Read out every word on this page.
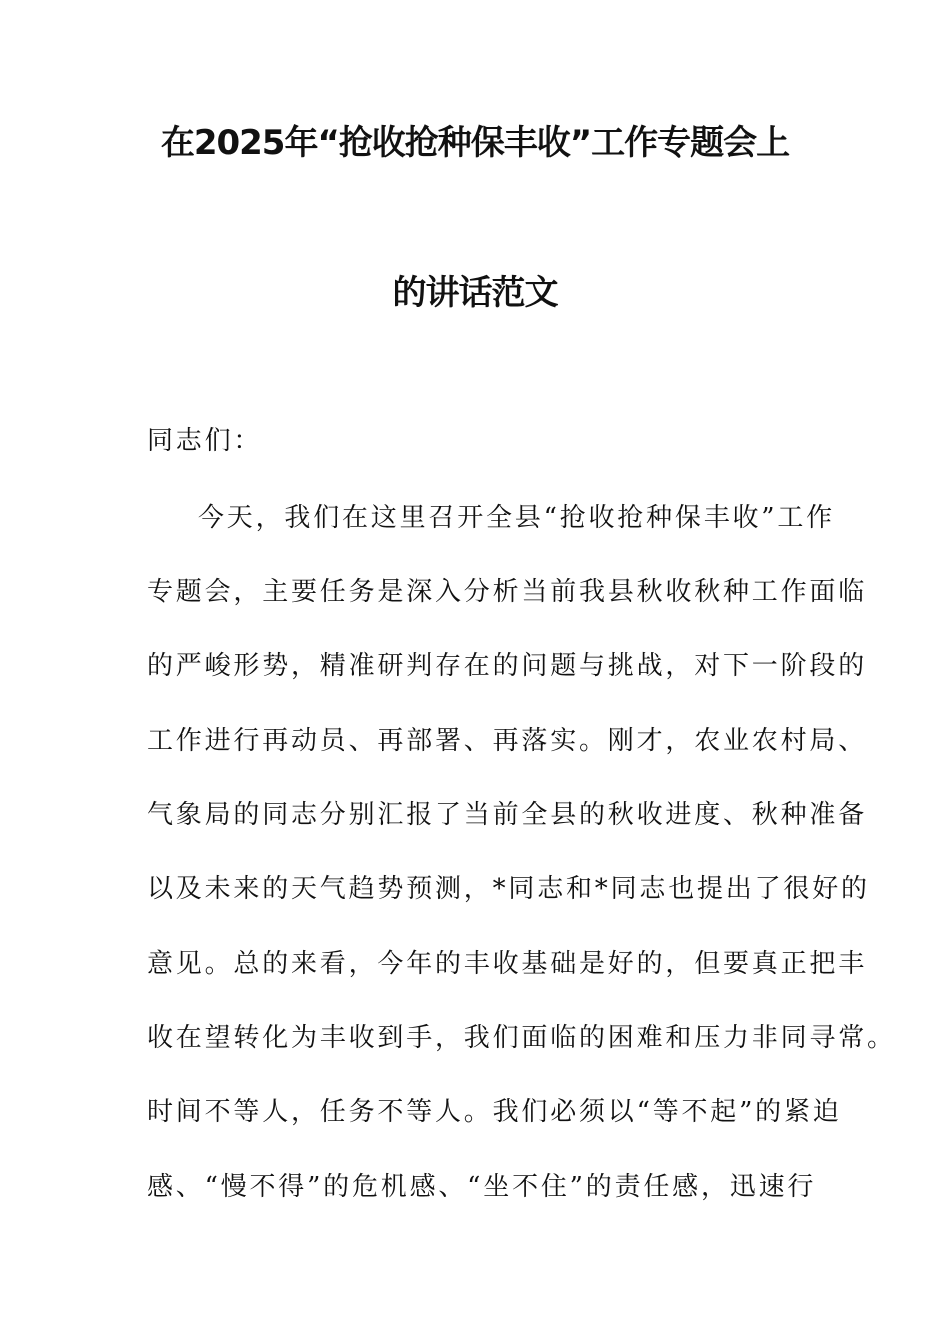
在2025年“抢收抢种保丰收”工作专题会上
的讲话范文
同志们：
今天，我们在这里召开全县“抢收抢种保丰收”工作
专题会，主要任务是深入分析当前我县秋收秋种工作面临
的严峻形势，精准研判存在的问题与挑战，对下一阶段的
工作进行再动员、再部署、再落实。刚才，农业农村局、
气象局的同志分别汇报了当前全县的秋收进度、秋种准备
以及未来的天气趋势预测，*同志和*同志也提出了很好的
意见。总的来看，今年的丰收基础是好的，但要真正把丰
收在望转化为丰收到手，我们面临的困难和压力非同寻常。
时间不等人，任务不等人。我们必须以“等不起”的紧迫
感、“慢不得”的危机感、“坐不住”的责任感，迅速行
